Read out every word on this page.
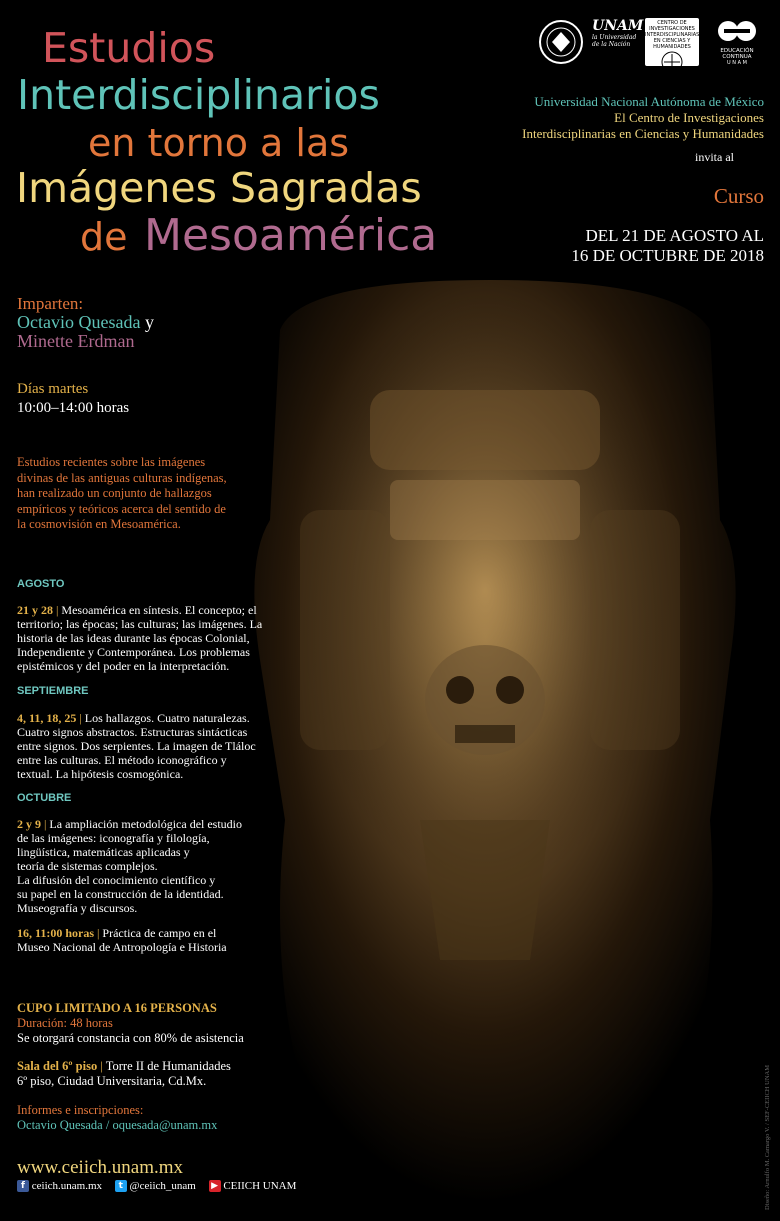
Estudios
Interdisciplinarios
en torno a las
Imágenes Sagradas
de Mesoamérica
UNAM
la Universidad de la Nación
CENTRO DE INVESTIGACIONES INTERDISCIPLINARIAS EN CIENCIAS Y HUMANIDADES
EDUCACIÓN CONTINUA
U N A M
Universidad Nacional Autónoma de México
El Centro de Investigaciones
Interdisciplinarias en Ciencias y Humanidades
invita al
Curso
DEL 21 DE AGOSTO AL
16 DE OCTUBRE DE 2018
Imparten:
Octavio Quesada y
Minette Erdman
Días martes
10:00–14:00 horas
Estudios recientes sobre las imágenes
divinas de las antiguas culturas indígenas,
han realizado un conjunto de hallazgos
empíricos y teóricos acerca del sentido de
la cosmovisión en Mesoamérica.
AGOSTO
21 y 28 | Mesoamérica en síntesis. El concepto; el
territorio; las épocas; las culturas; las imágenes. La
historia de las ideas durante las épocas Colonial,
Independiente y Contemporánea. Los problemas
epistémicos y del poder en la interpretación.
SEPTIEMBRE
4, 11, 18, 25 | Los hallazgos. Cuatro naturalezas.
Cuatro signos abstractos. Estructuras sintácticas
entre signos. Dos serpientes. La imagen de Tláloc
entre las culturas. El método iconográfico y
textual. La hipótesis cosmogónica.
OCTUBRE
2 y 9 | La ampliación metodológica del estudio
de las imágenes: iconografía y filología,
lingüística, matemáticas aplicadas y
teoría de sistemas complejos.
La difusión del conocimiento científico y
su papel en la construcción de la identidad.
Museografía y discursos.
16, 11:00 horas | Práctica de campo en el
Museo Nacional de Antropología e Historia
CUPO LIMITADO A 16 PERSONAS
Duración: 48 horas
Se otorgará constancia con 80% de asistencia
Sala del 6º piso | Torre II de Humanidades
6º piso, Ciudad Universitaria, Cd.Mx.
Informes e inscripciones:
Octavio Quesada / oquesada@unam.mx
www.ceiich.unam.mx
f ceiich.unam.mx t @ceiich_unam ▶ CEIICH UNAM	Diseño: Arnulfo M. Camargo V. / SEF-CEIICH UNAM
